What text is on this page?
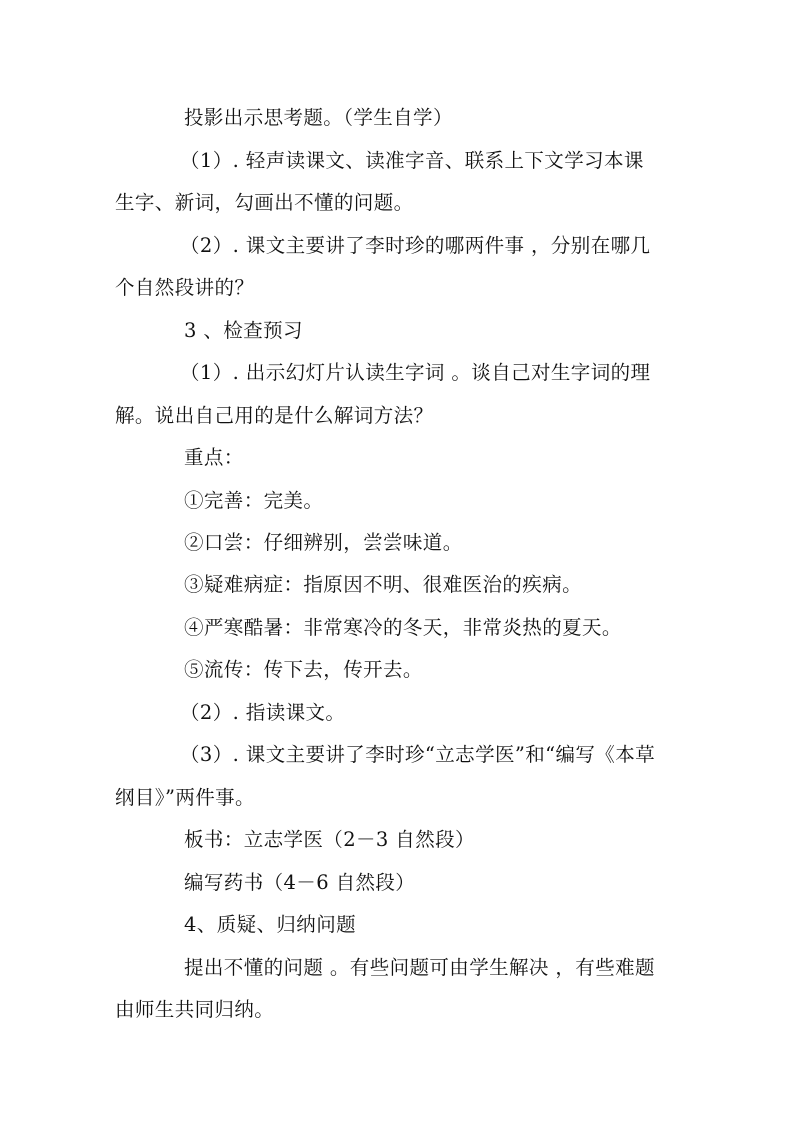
投影出示思考题。（学生自学）
（1）. 轻声读课文、读准字音、联系上下文学习本课
生字、新词，勾画出不懂的问题。
（2）. 课文主要讲了李时珍的哪两件事 ，分别在哪几
个自然段讲的？
3 、检查预习
（1）. 出示幻灯片认读生字词 。谈自己对生字词的理
解。说出自己用的是什么解词方法？
重点：
①完善：完美。
②口尝：仔细辨别，尝尝味道。
③疑难病症：指原因不明、很难医治的疾病。
④严寒酷暑：非常寒冷的冬天，非常炎热的夏天。
⑤流传：传下去，传开去。
（2）. 指读课文。
（3）. 课文主要讲了李时珍“立志学医”和“编写《本草
纲目》”两件事。
板书：立志学医（2－3 自然段）
编写药书（4－6 自然段）
4、质疑、归纳问题
提出不懂的问题 。有些问题可由学生解决 ，有些难题
由师生共同归纳。
